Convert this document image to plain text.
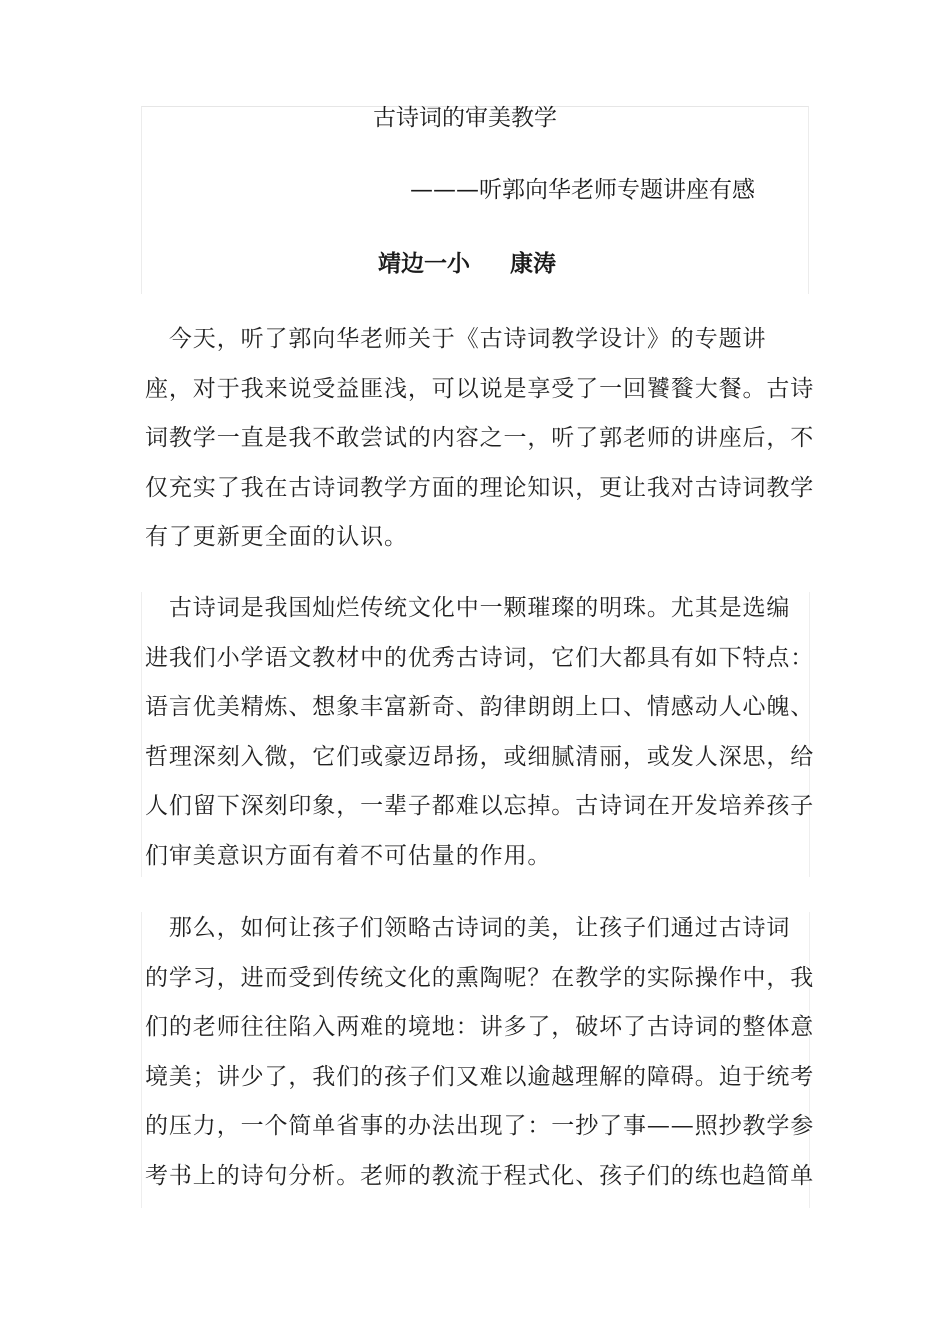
古诗词的审美教学
———听郭向华老师专题讲座有感
靖边一小 康涛
　今天，听了郭向华老师关于《古诗词教学设计》的专题讲
座，对于我来说受益匪浅，可以说是享受了一回饕餮大餐。古诗
词教学一直是我不敢尝试的内容之一，听了郭老师的讲座后，不
仅充实了我在古诗词教学方面的理论知识，更让我对古诗词教学
有了更新更全面的认识。
　古诗词是我国灿烂传统文化中一颗璀璨的明珠。尤其是选编
进我们小学语文教材中的优秀古诗词，它们大都具有如下特点：
语言优美精炼、想象丰富新奇、韵律朗朗上口、情感动人心魄、
哲理深刻入微，它们或豪迈昂扬，或细腻清丽，或发人深思，给
人们留下深刻印象，一辈子都难以忘掉。古诗词在开发培养孩子
们审美意识方面有着不可估量的作用。
　那么，如何让孩子们领略古诗词的美，让孩子们通过古诗词
的学习，进而受到传统文化的熏陶呢？在教学的实际操作中，我
们的老师往往陷入两难的境地：讲多了，破坏了古诗词的整体意
境美；讲少了，我们的孩子们又难以逾越理解的障碍。迫于统考
的压力，一个简单省事的办法出现了：一抄了事——照抄教学参
考书上的诗句分析。老师的教流于程式化、孩子们的练也趋简单
